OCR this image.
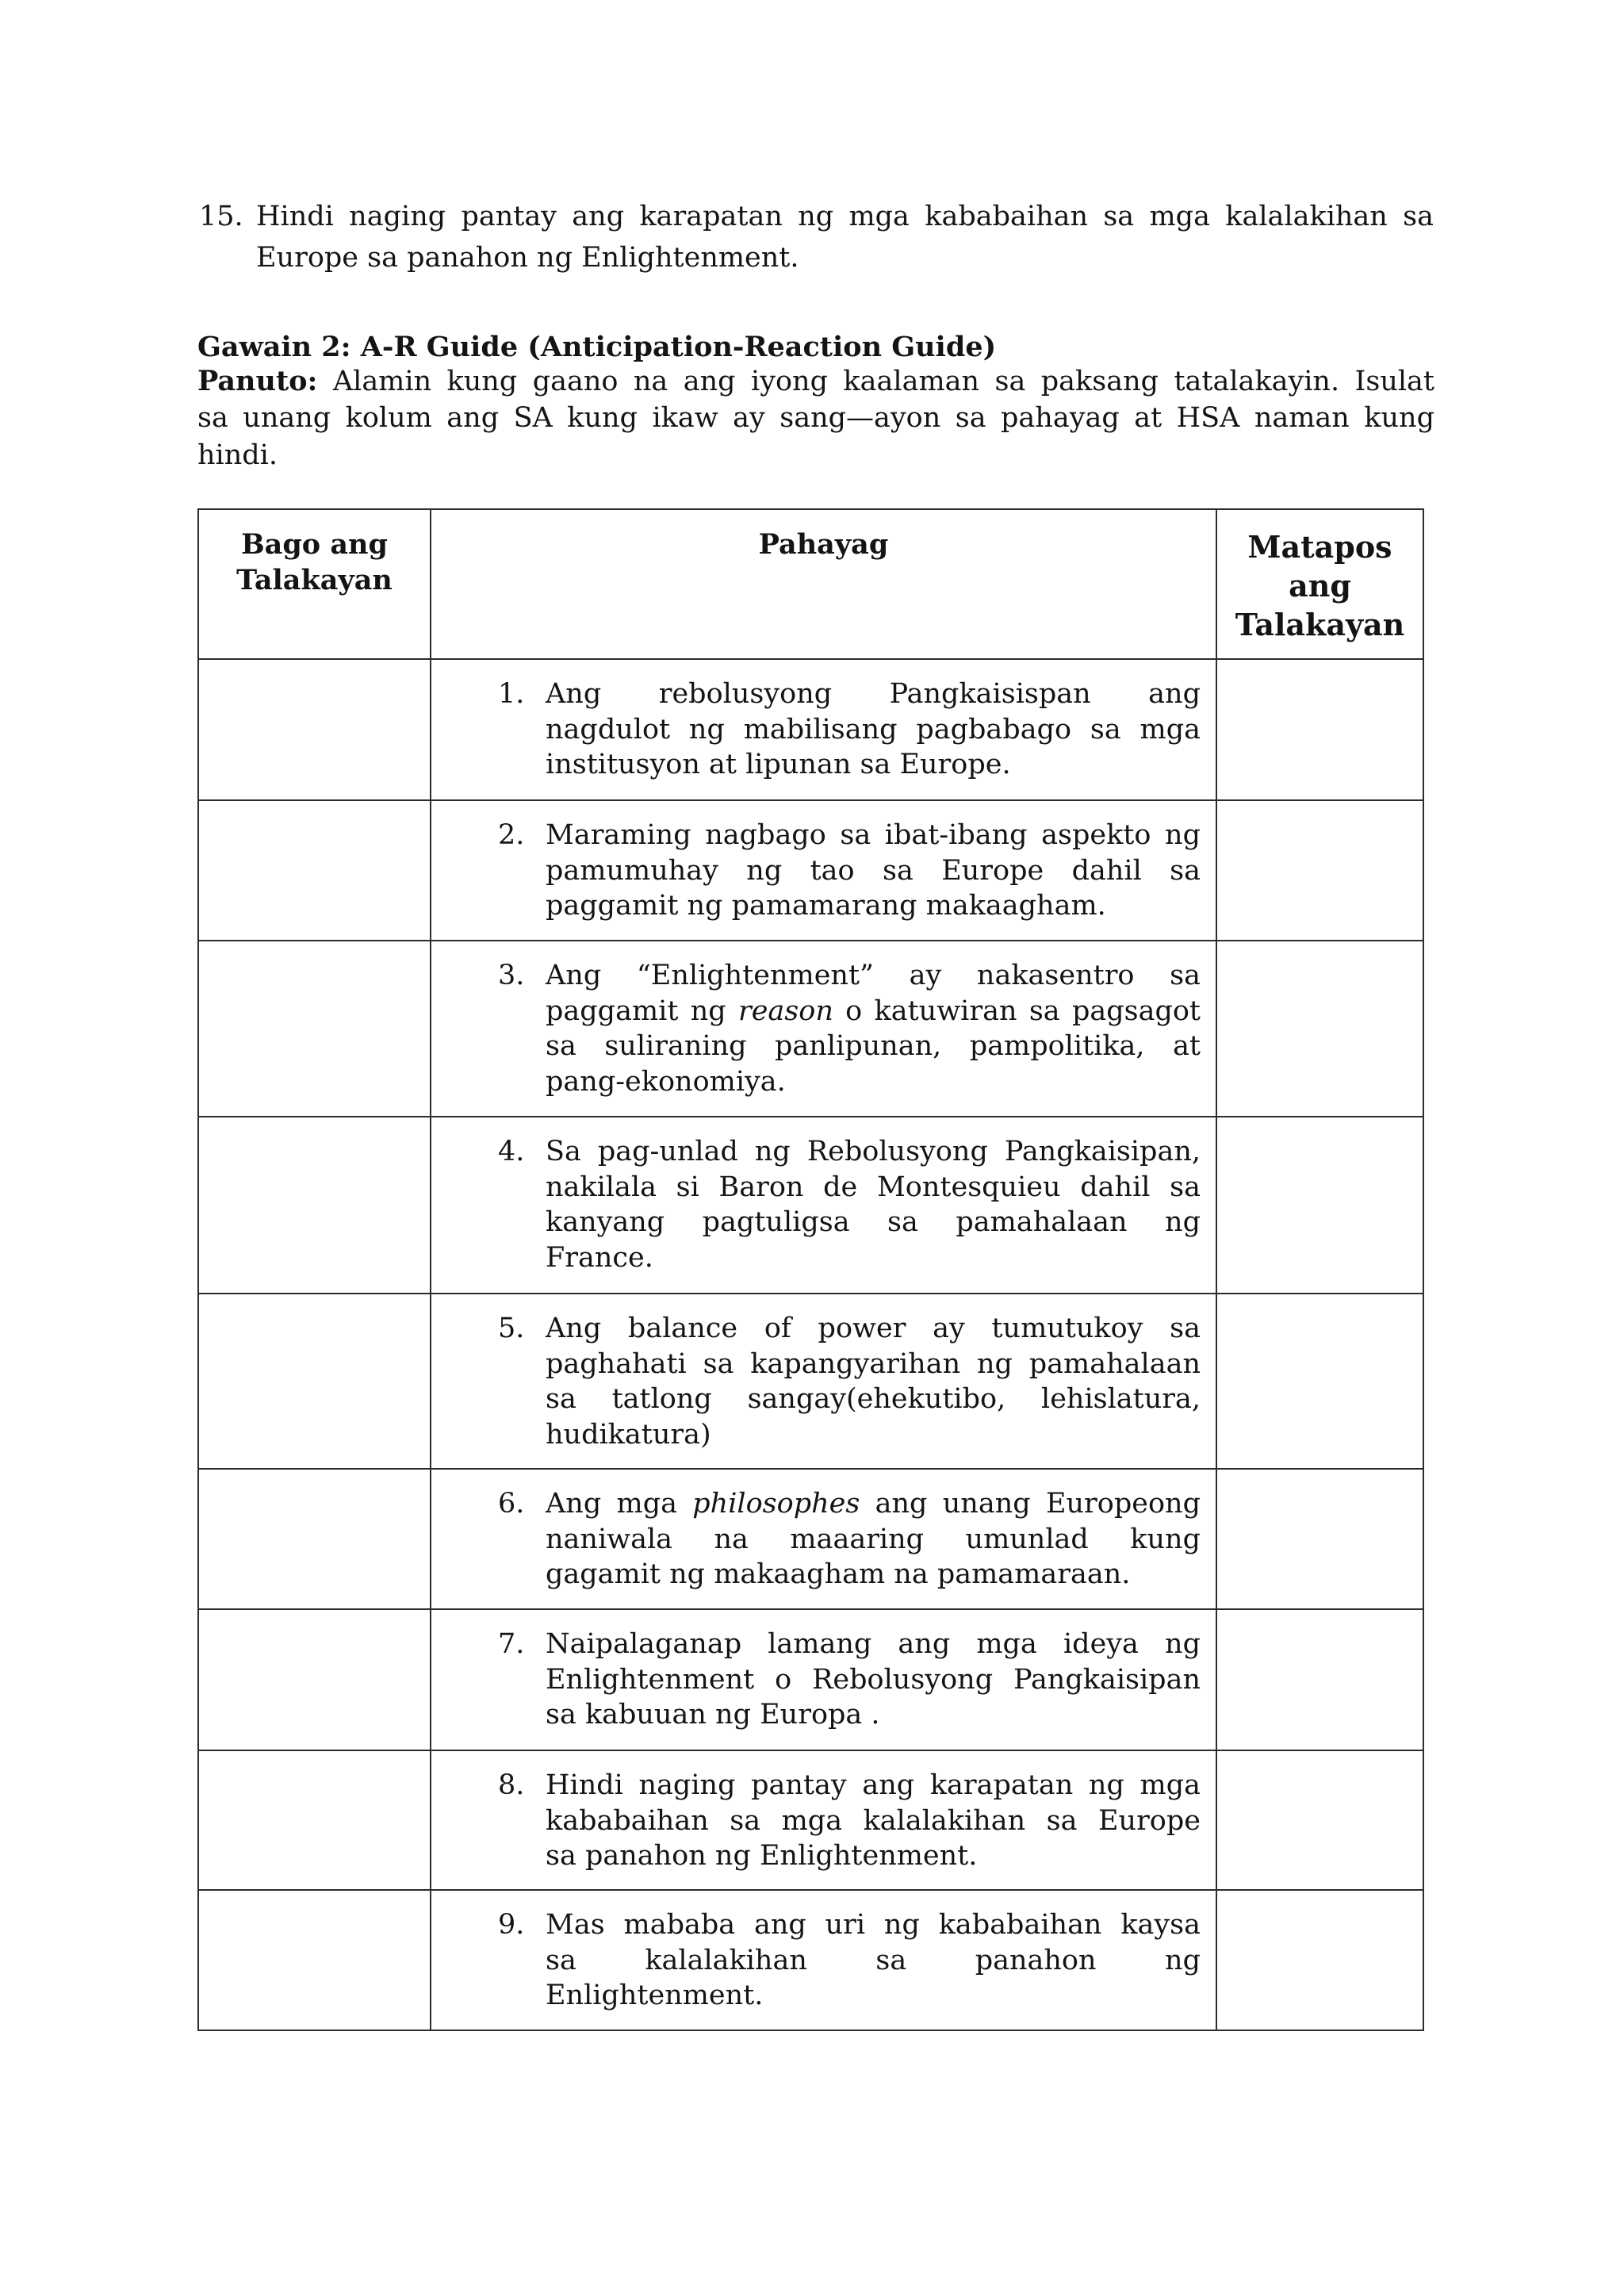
15. Hindi naging pantay ang karapatan ng mga kababaihan sa mga kalalakihan sa
Europe sa panahon ng Enlightenment.
Gawain 2: A-R Guide (Anticipation-Reaction Guide)
Panuto: Alamin kung gaano na ang iyong kaalaman sa paksang tatalakayin. Isulat
sa unang kolum ang SA kung ikaw ay sang—ayon sa pahayag at HSA naman kung
hindi.
Bago ang Talakayan	Pahayag	Matapos ang Talakayan

	1. Ang rebolusyong Pangkaisispan ang
nagdulot ng mabilisang pagbabago sa mga
institusyon at lipunan sa Europe.	

	2. Maraming nagbago sa ibat-ibang aspekto ng
pamumuhay ng tao sa Europe dahil sa
paggamit ng pamamarang makaagham.	

	3. Ang “Enlightenment” ay nakasentro sa
paggamit ng reason o katuwiran sa pagsagot
sa suliraning panlipunan, pampolitika, at
pang-ekonomiya.	

	4. Sa pag-unlad ng Rebolusyong Pangkaisipan,
nakilala si Baron de Montesquieu dahil sa
kanyang pagtuligsa sa pamahalaan ng
France.	

	5. Ang balance of power ay tumutukoy sa
paghahati sa kapangyarihan ng pamahalaan
sa tatlong sangay(ehekutibo, lehislatura,
hudikatura)	

	6. Ang mga philosophes ang unang Europeong
naniwala na maaaring umunlad kung
gagamit ng makaagham na pamamaraan.	

	7. Naipalaganap lamang ang mga ideya ng
Enlightenment o Rebolusyong Pangkaisipan
sa kabuuan ng Europa .	

	8. Hindi naging pantay ang karapatan ng mga
kababaihan sa mga kalalakihan sa Europe
sa panahon ng Enlightenment.	

	9. Mas mababa ang uri ng kababaihan kaysa
sa kalalakihan sa panahon ng
Enlightenment.	
